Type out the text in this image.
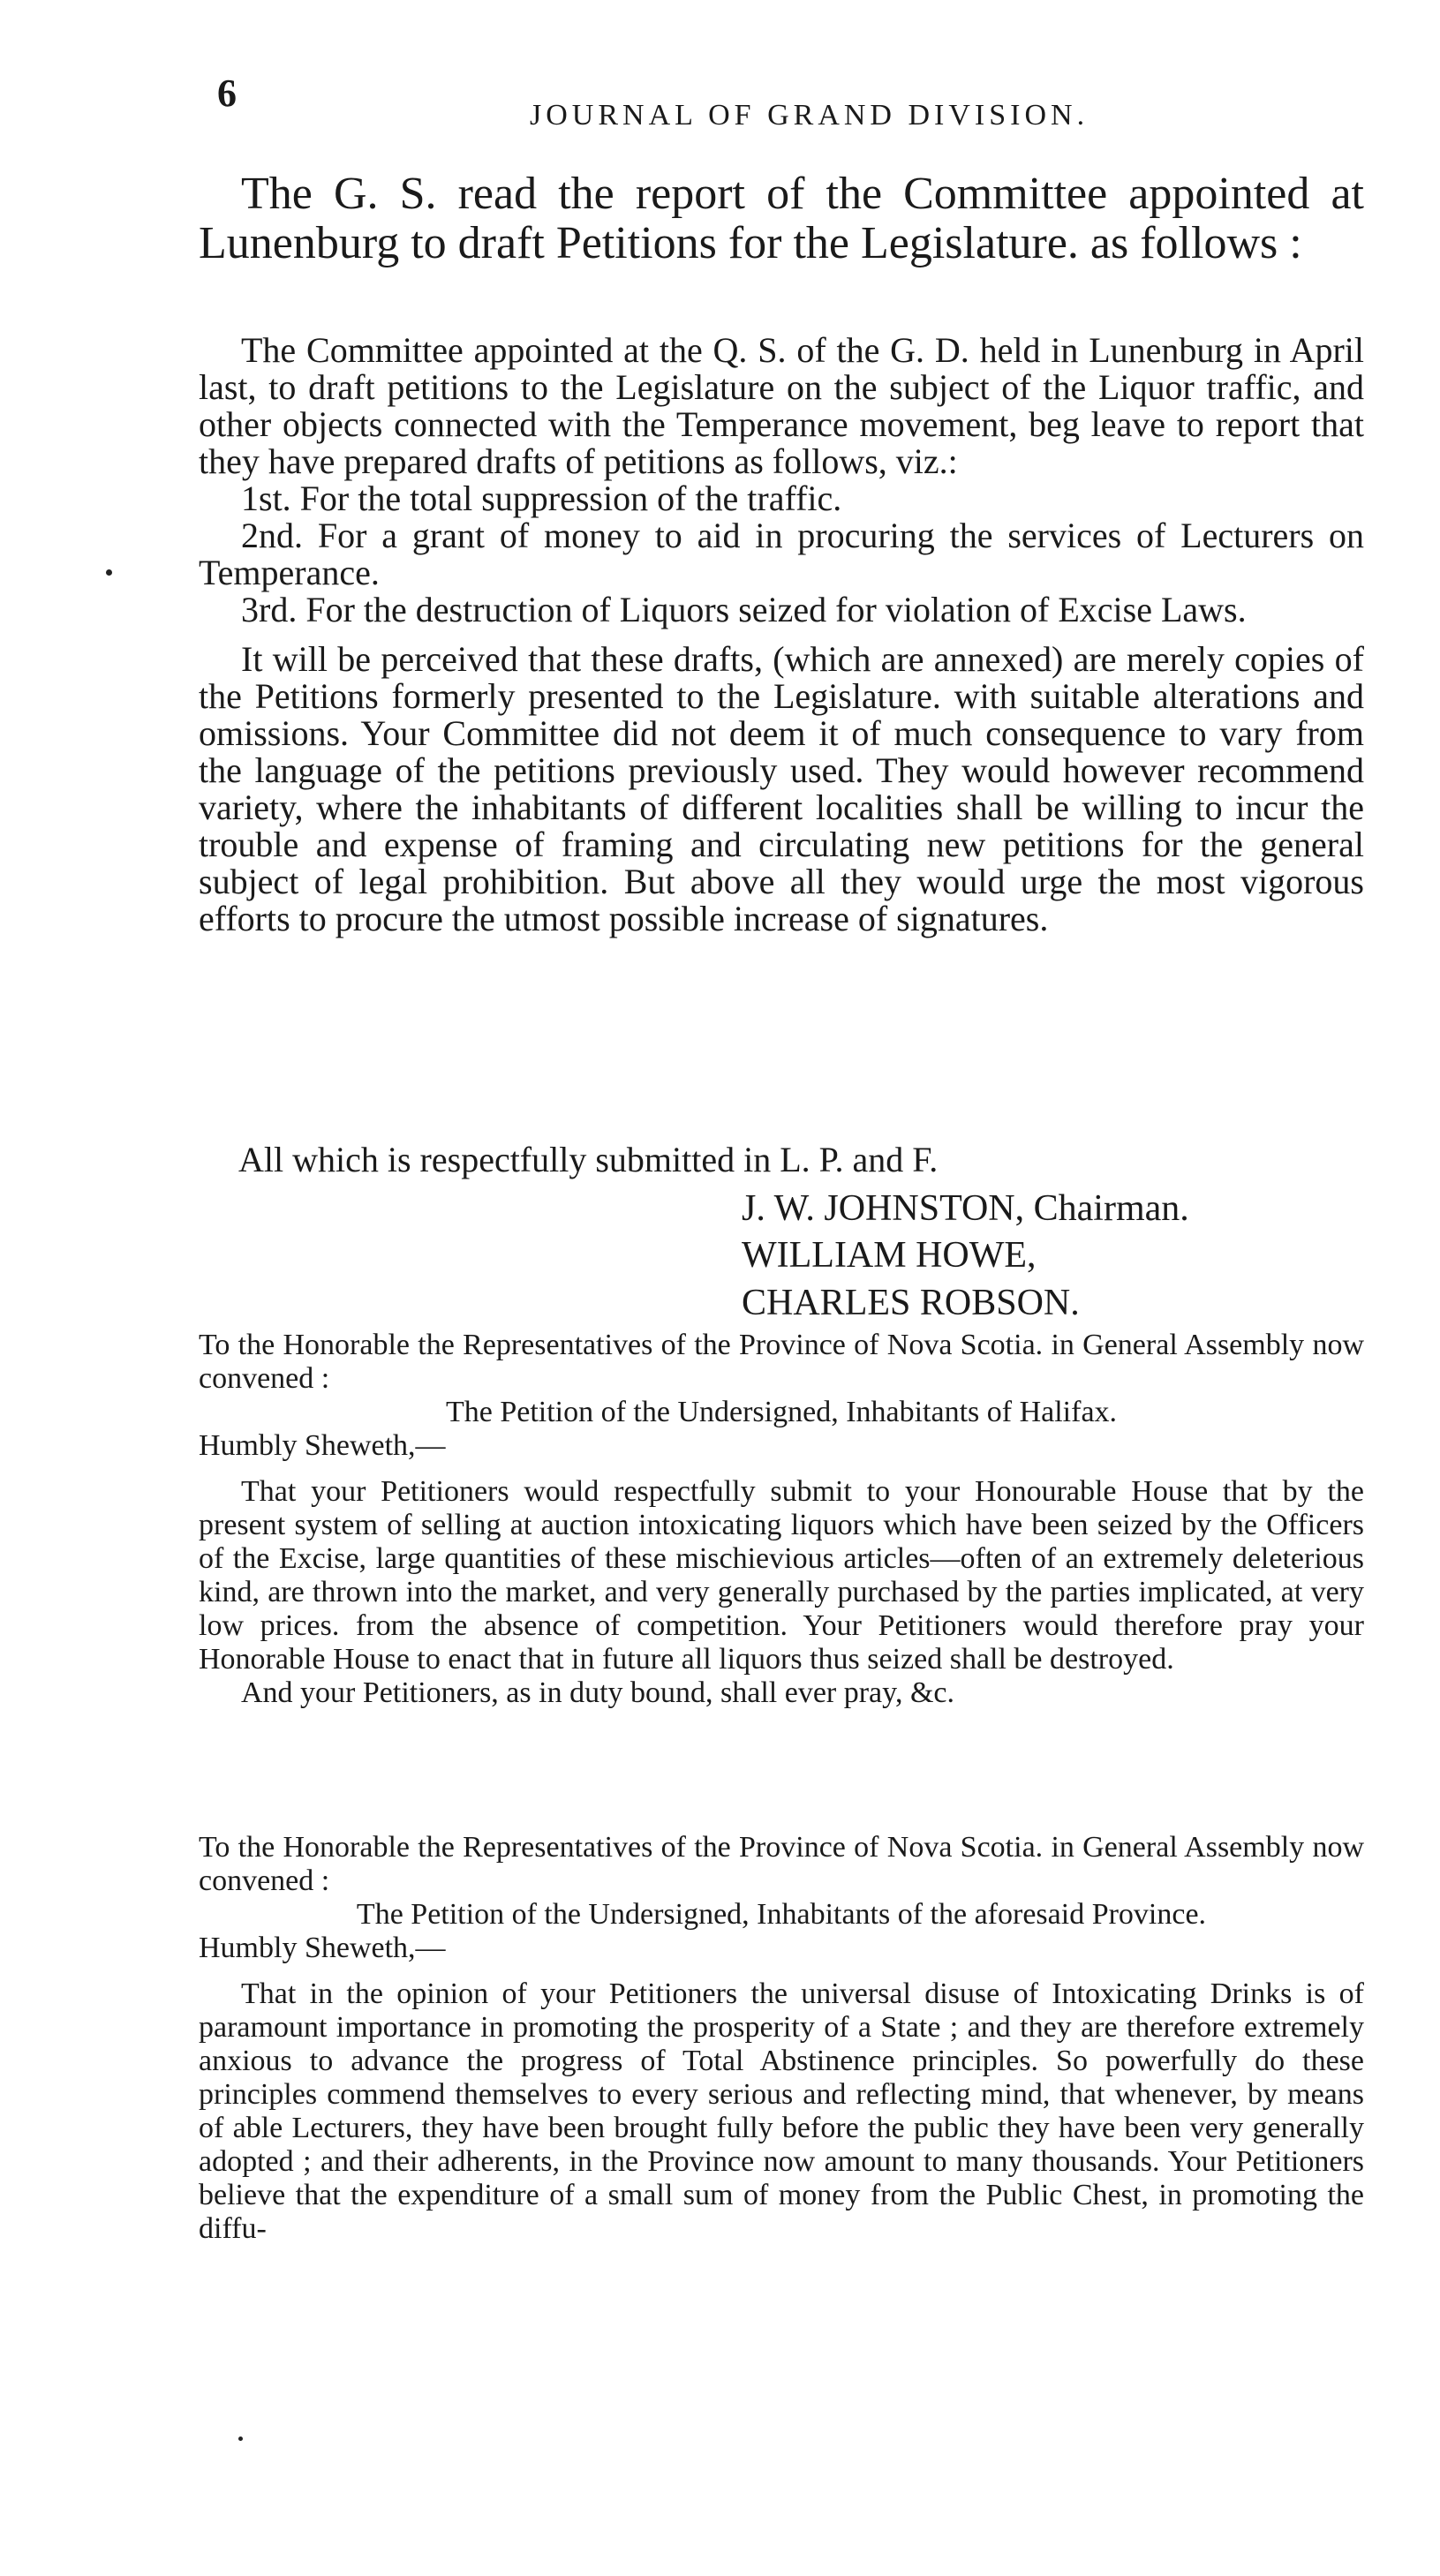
6
JOURNAL OF GRAND DIVISION.

The G. S. read the report of the Committee appointed at Lunenburg to draft Petitions for the Legislature. as follows :

The Committee appointed at the Q. S. of the G. D. held in Lunenburg in April last, to draft petitions to the Legislature on the subject of the Liquor traffic, and other objects connected with the Temperance movement, beg leave to report that they have prepared drafts of petitions as follows, viz.:

1st. For the total suppression of the traffic.

2nd. For a grant of money to aid in procuring the services of Lecturers on Temperance.

3rd. For the destruction of Liquors seized for violation of Excise Laws.

It will be perceived that these drafts, (which are annexed) are merely copies of the Petitions formerly presented to the Legislature. with suitable alterations and omissions. Your Committee did not deem it of much consequence to vary from the language of the petitions previously used. They would however recommend variety, where the inhabitants of different localities shall be willing to incur the trouble and expense of framing and circulating new petitions for the general subject of legal prohibition. But above all they would urge the most vigorous efforts to procure the utmost possible increase of signatures.

All which is respectfully submitted in L. P. and F.
J. W. JOHNSTON, Chairman.
WILLIAM HOWE,
CHARLES ROBSON.

To the Honorable the Representatives of the Province of Nova Scotia. in General Assembly now convened :

The Petition of the Undersigned, Inhabitants of Halifax.

Humbly Sheweth,—

That your Petitioners would respectfully submit to your Honourable House that by the present system of selling at auction intoxicating liquors which have been seized by the Officers of the Excise, large quantities of these mischievious articles—often of an extremely deleterious kind, are thrown into the market, and very generally purchased by the parties implicated, at very low prices. from the absence of competition. Your Petitioners would therefore pray your Honorable House to enact that in future all liquors thus seized shall be destroyed.

And your Petitioners, as in duty bound, shall ever pray, &c.

To the Honorable the Representatives of the Province of Nova Scotia. in General Assembly now convened :

The Petition of the Undersigned, Inhabitants of the aforesaid Province.

Humbly Sheweth,—

That in the opinion of your Petitioners the universal disuse of Intoxicating Drinks is of paramount importance in promoting the prosperity of a State ; and they are therefore extremely anxious to advance the progress of Total Abstinence principles. So powerfully do these principles commend themselves to every serious and reflecting mind, that whenever, by means of able Lecturers, they have been brought fully before the public they have been very generally adopted ; and their adherents, in the Province now amount to many thousands. Your Petitioners believe that the expenditure of a small sum of money from the Public Chest, in promoting the diffu-
